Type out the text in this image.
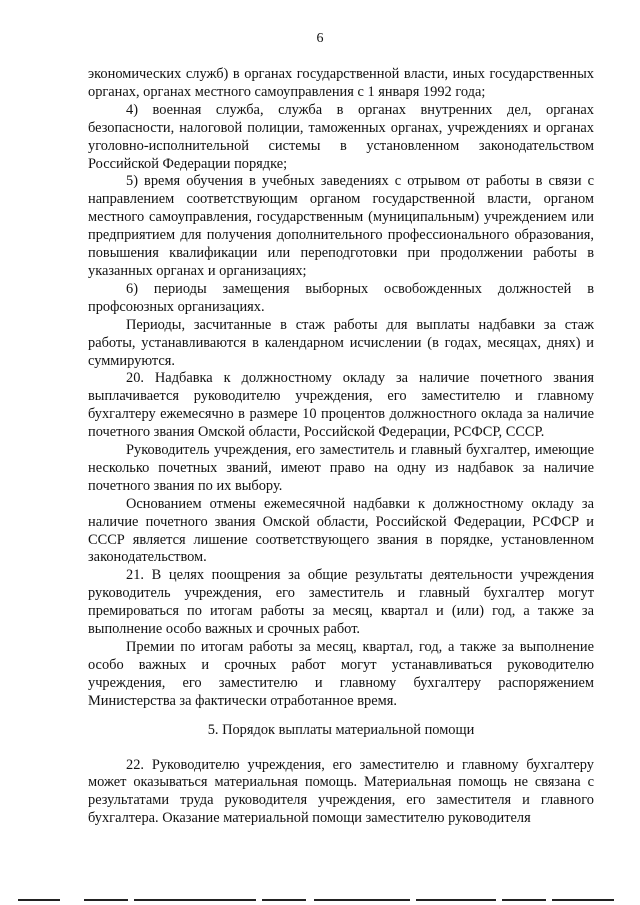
6

экономических служб) в органах государственной власти, иных государственных органах, органах местного самоуправления с 1 января 1992 года;

4) военная служба, служба в органах внутренних дел, органах безопасности, налоговой полиции, таможенных органах, учреждениях и органах уголовно-исполнительной системы в установленном законодательством Российской Федерации порядке;

5) время обучения в учебных заведениях с отрывом от работы в связи с направлением соответствующим органом государственной власти, органом местного самоуправления, государственным (муниципальным) учреждением или предприятием для получения дополнительного профессионального образования, повышения квалификации или переподготовки при продолжении работы в указанных органах и организациях;

6) периоды замещения выборных освобожденных должностей в профсоюзных организациях.

Периоды, засчитанные в стаж работы для выплаты надбавки за стаж работы, устанавливаются в календарном исчислении (в годах, месяцах, днях) и суммируются.

20. Надбавка к должностному окладу за наличие почетного звания выплачивается руководителю учреждения, его заместителю и главному бухгалтеру ежемесячно в размере 10 процентов должностного оклада за наличие почетного звания Омской области, Российской Федерации, РСФСР, СССР.

Руководитель учреждения, его заместитель и главный бухгалтер, имеющие несколько почетных званий, имеют право на одну из надбавок за наличие почетного звания по их выбору.

Основанием отмены ежемесячной надбавки к должностному окладу за наличие почетного звания Омской области, Российской Федерации, РСФСР и СССР является лишение соответствующего звания в порядке, установленном законодательством.

21. В целях поощрения за общие результаты деятельности учреждения руководитель учреждения, его заместитель и главный бухгалтер могут премироваться по итогам работы за месяц, квартал и (или) год, а также за выполнение особо важных и срочных работ.

Премии по итогам работы за месяц, квартал, год, а также за выполнение особо важных и срочных работ могут устанавливаться руководителю учреждения, его заместителю и главному бухгалтеру распоряжением Министерства за фактически отработанное время.

5. Порядок выплаты материальной помощи

22. Руководителю учреждения, его заместителю и главному бухгалтеру может оказываться материальная помощь. Материальная помощь не связана с результатами труда руководителя учреждения, его заместителя и главного бухгалтера. Оказание материальной помощи заместителю руководителя
